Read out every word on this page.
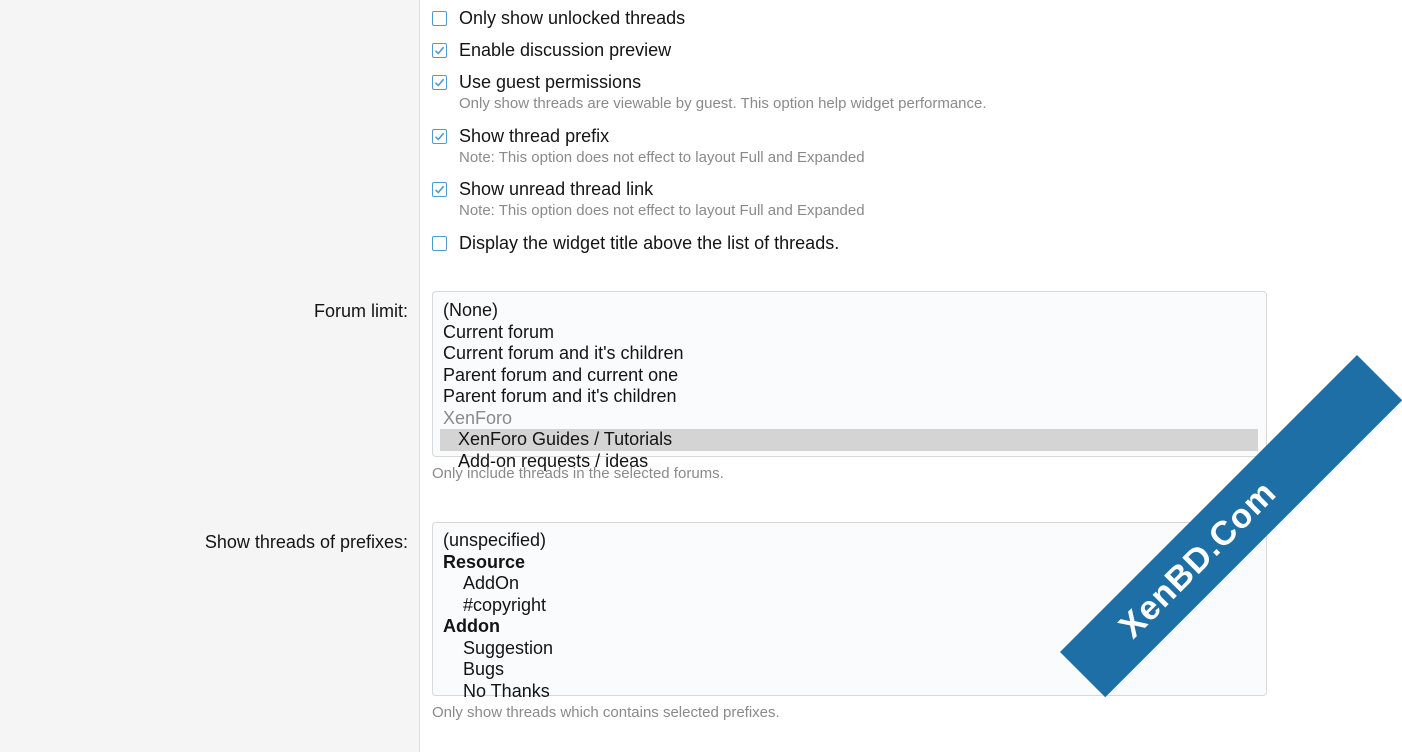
Only show unlocked threads
Enable discussion preview
Use guest permissions
Only show threads are viewable by guest. This option help widget performance.
Show thread prefix
Note: This option does not effect to layout Full and Expanded
Show unread thread link
Note: This option does not effect to layout Full and Expanded
Display the widget title above the list of threads.
Forum limit:	(None)
Current forum
Current forum and it's children
Parent forum and current one
Parent forum and it's children
XenForo
XenForo Guides / Tutorials
Add-on requests / ideas
Only include threads in the selected forums.
Show threads of prefixes:	(unspecified)
Resource
AddOn
#copyright
Addon
Suggestion
Bugs
No Thanks
Only show threads which contains selected prefixes.
XenBD.Com
